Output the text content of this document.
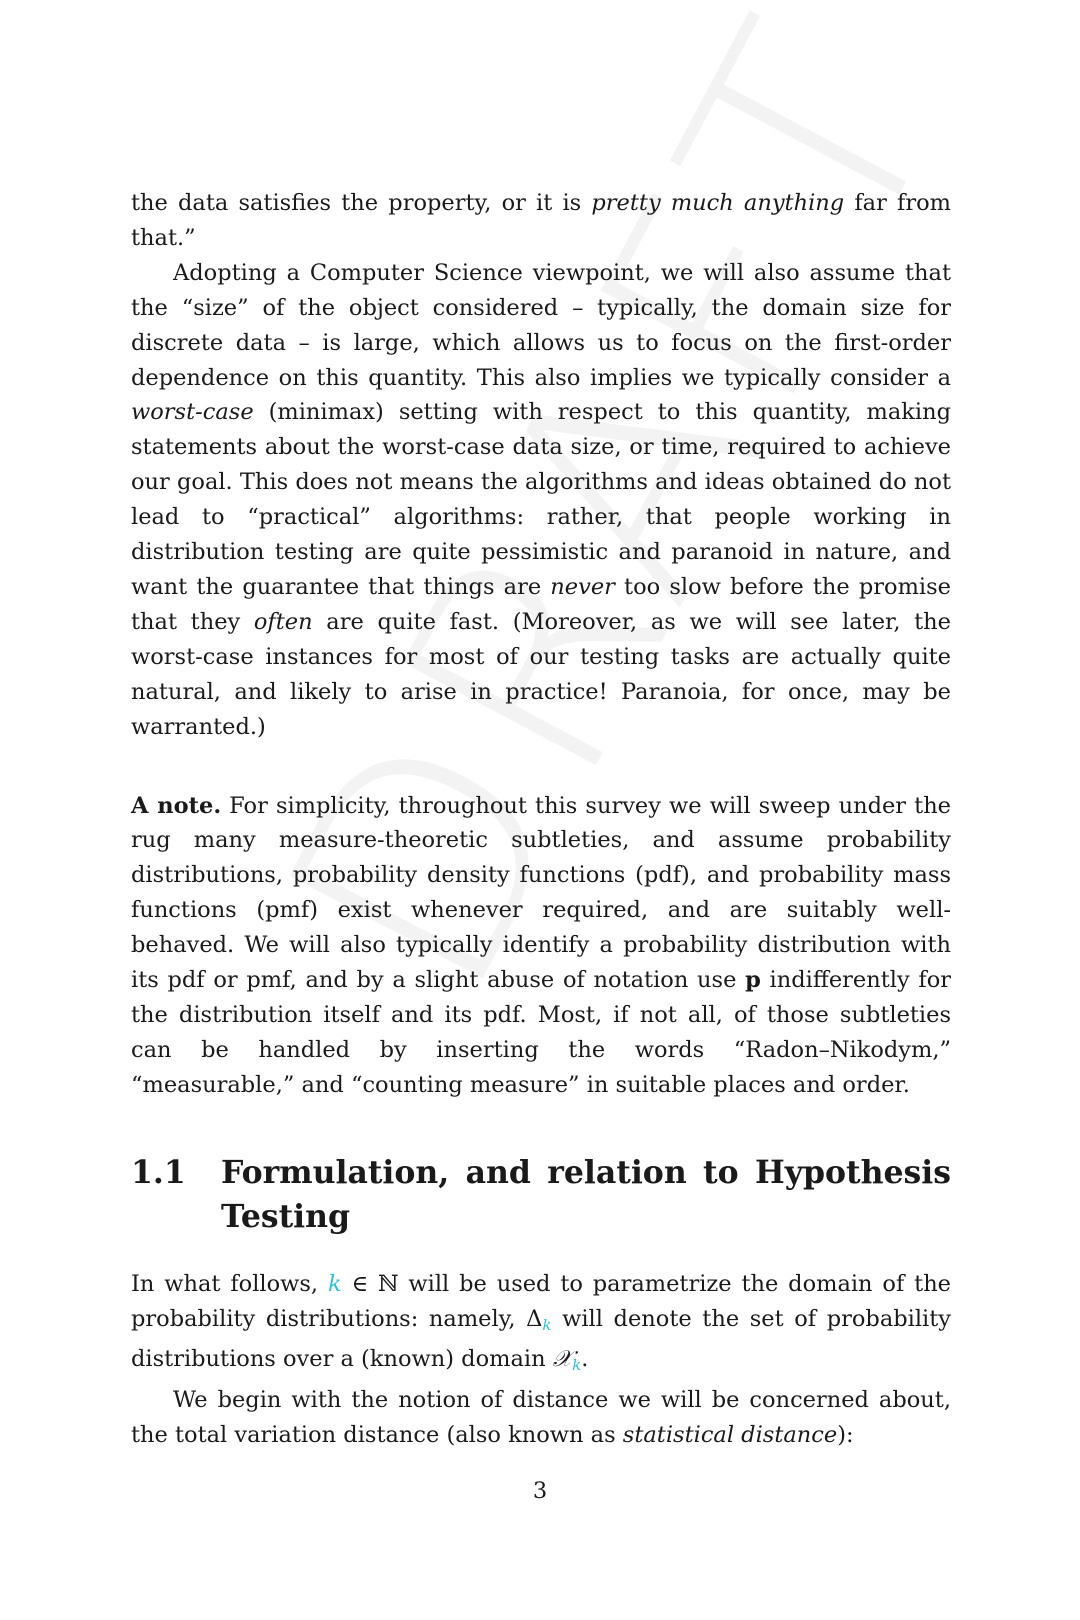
the data satisfies the property, or it is pretty much anything far from that.”

Adopting a Computer Science viewpoint, we will also assume that the “size” of the object considered – typically, the domain size for discrete data – is large, which allows us to focus on the first-order dependence on this quantity. This also implies we typically consider a worst-case (minimax) setting with respect to this quantity, making statements about the worst-case data size, or time, required to achieve our goal. This does not means the algorithms and ideas obtained do not lead to “practical” algorithms: rather, that people working in distribution testing are quite pessimistic and paranoid in nature, and want the guarantee that things are never too slow before the promise that they often are quite fast. (Moreover, as we will see later, the worst-case instances for most of our testing tasks are actually quite natural, and likely to arise in practice! Paranoia, for once, may be warranted.)

A note. For simplicity, throughout this survey we will sweep under the rug many measure-theoretic subtleties, and assume probability distributions, probability density functions (pdf), and probability mass functions (pmf) exist whenever required, and are suitably well-behaved. We will also typically identify a probability distribution with its pdf or pmf, and by a slight abuse of notation use p indifferently for the distribution itself and its pdf. Most, if not all, of those subtleties can be handled by inserting the words “Radon–Nikodym,” “measurable,” and “counting measure” in suitable places and order.

1.1	Formulation, and relation to Hypothesis Testing

In what follows, k ∈ ℕ will be used to parametrize the domain of the probability distributions: namely, $\Delta_k$ will denote the set of probability distributions over a (known) domain 𝒳$_k$.

We begin with the notion of distance we will be concerned about, the total variation distance (also known as statistical distance):

3
